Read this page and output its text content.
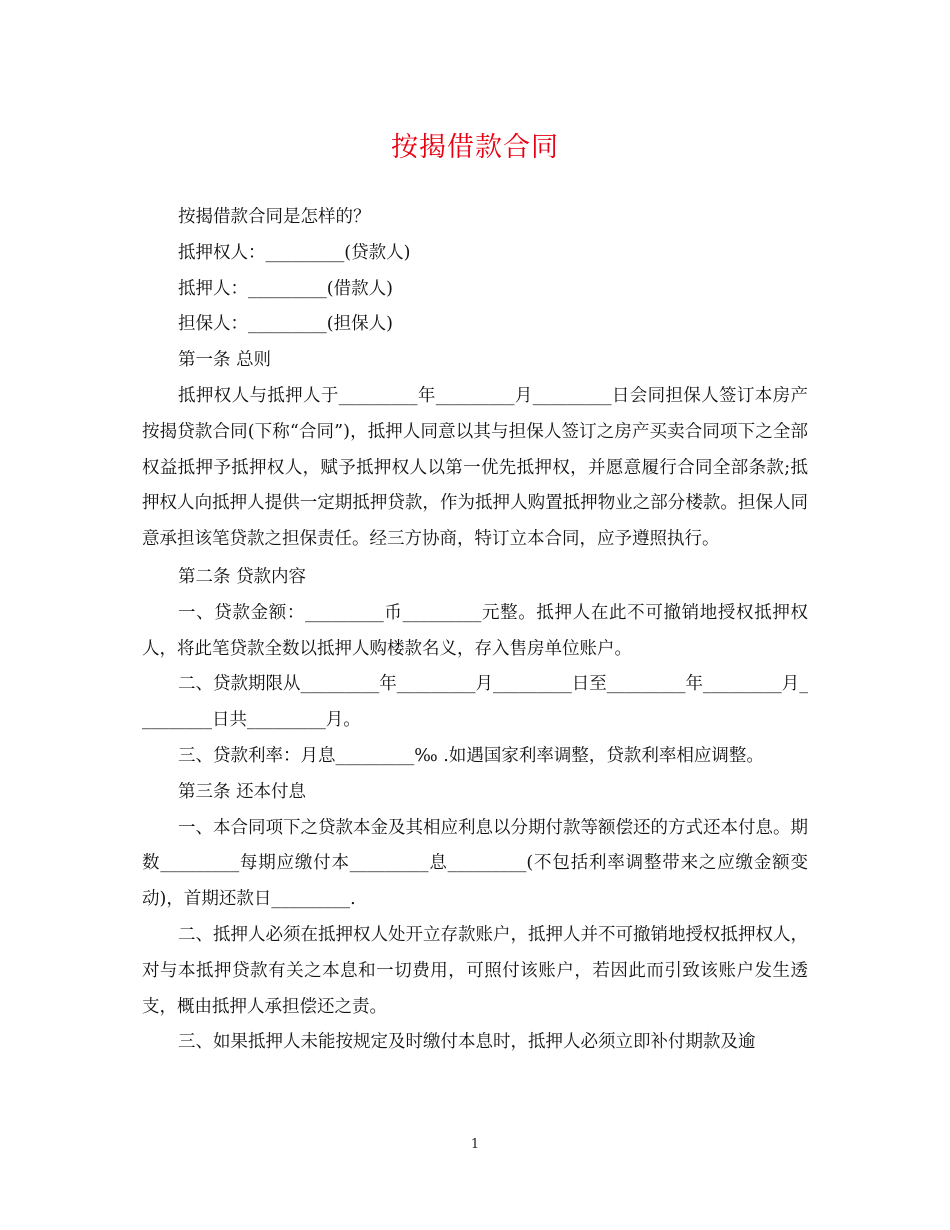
按揭借款合同

按揭借款合同是怎样的？

抵押权人：_________(贷款人)

抵押人：_________(借款人)

担保人：_________(担保人)

第一条 总则

抵押权人与抵押人于_________年_________月_________日会同担保人签订本房产按揭贷款合同(下称“合同”)，抵押人同意以其与担保人签订之房产买卖合同项下之全部权益抵押予抵押权人，赋予抵押权人以第一优先抵押权，并愿意履行合同全部条款;抵押权人向抵押人提供一定期抵押贷款，作为抵押人购置抵押物业之部分楼款。担保人同意承担该笔贷款之担保责任。经三方协商，特订立本合同，应予遵照执行。

第二条 贷款内容

一、贷款金额：_________币_________元整。抵押人在此不可撤销地授权抵押权人，将此笔贷款全数以抵押人购楼款名义，存入售房单位账户。

二、贷款期限从_________年_________月_________日至_________年_________月_________日共_________月。

三、贷款利率：月息_________‰ .如遇国家利率调整，贷款利率相应调整。

第三条 还本付息

一、本合同项下之贷款本金及其相应利息以分期付款等额偿还的方式还本付息。期数_________每期应缴付本_________息_________(不包括利率调整带来之应缴金额变动)，首期还款日_________.

二、抵押人必须在抵押权人处开立存款账户，抵押人并不可撤销地授权抵押权人，对与本抵押贷款有关之本息和一切费用，可照付该账户，若因此而引致该账户发生透支，概由抵押人承担偿还之责。

三、如果抵押人未能按规定及时缴付本息时，抵押人必须立即补付期款及逾

1
